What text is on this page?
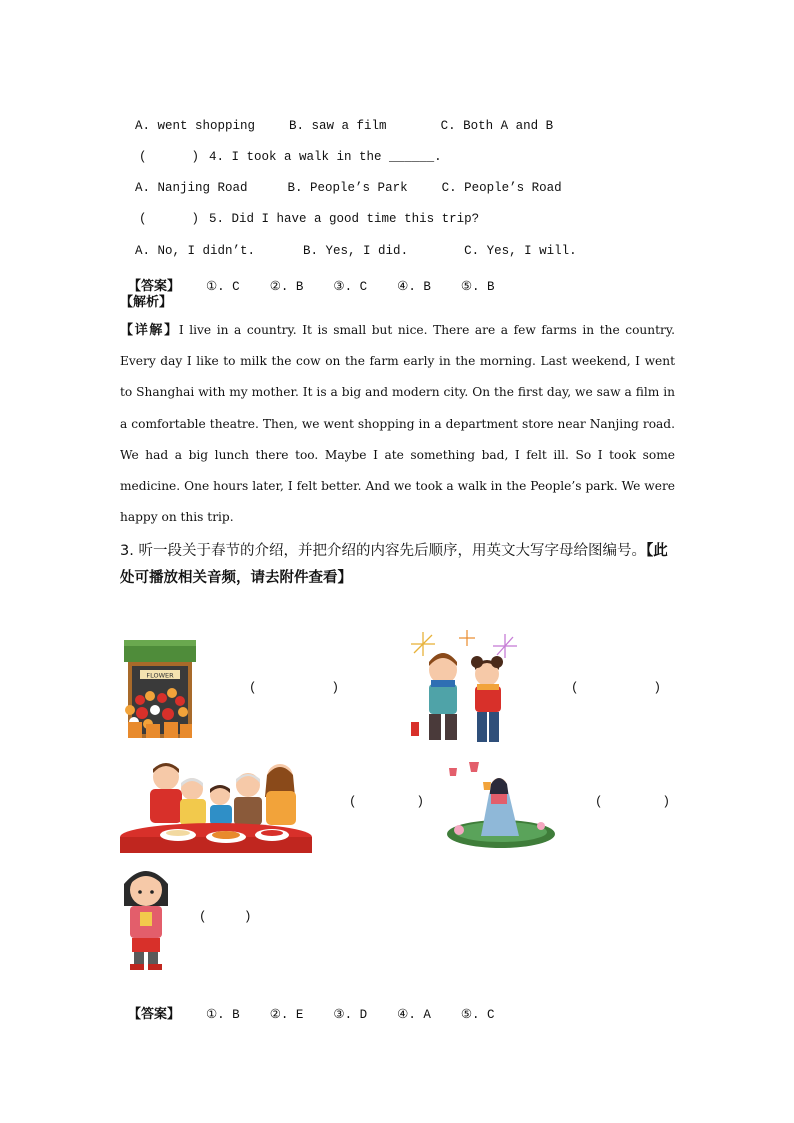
A. went shopping	B. saw a film	C. Both A and B

(      ) 4. I took a walk in the ______.

A. Nanjing Road	B. People’s Park	C. People’s Road

(      ) 5. Did I have a good time this trip?

A. No, I didn’t.	B. Yes, I did.	C. Yes, I will.

【答案】 ①. C ②. B ③. C ④. B ⑤. B

【解析】
【详解】I live in a country. It is small but nice. There are a few farms in the country. Every day I like to milk the cow on the farm early in the morning. Last weekend, I went to Shanghai with my mother. It is a big and modern city. On the first day, we saw a film in a comfortable theatre. Then, we went shopping in a department store near Nanjing road. We had a big lunch there too. Maybe I ate something bad, I felt ill. So I took some medicine. One hours later, I felt better. And we took a walk in the People’s park. We were happy on this trip.
3. 听一段关于春节的介绍，并把介绍的内容先后顺序，用英文大写字母给图编号。【此处可播放相关音频，请去附件查看】
FLOWER
(          )	(          )
(        )	(        )
(     )

【答案】 ①. B ②. E ③. D ④. A ⑤. C
